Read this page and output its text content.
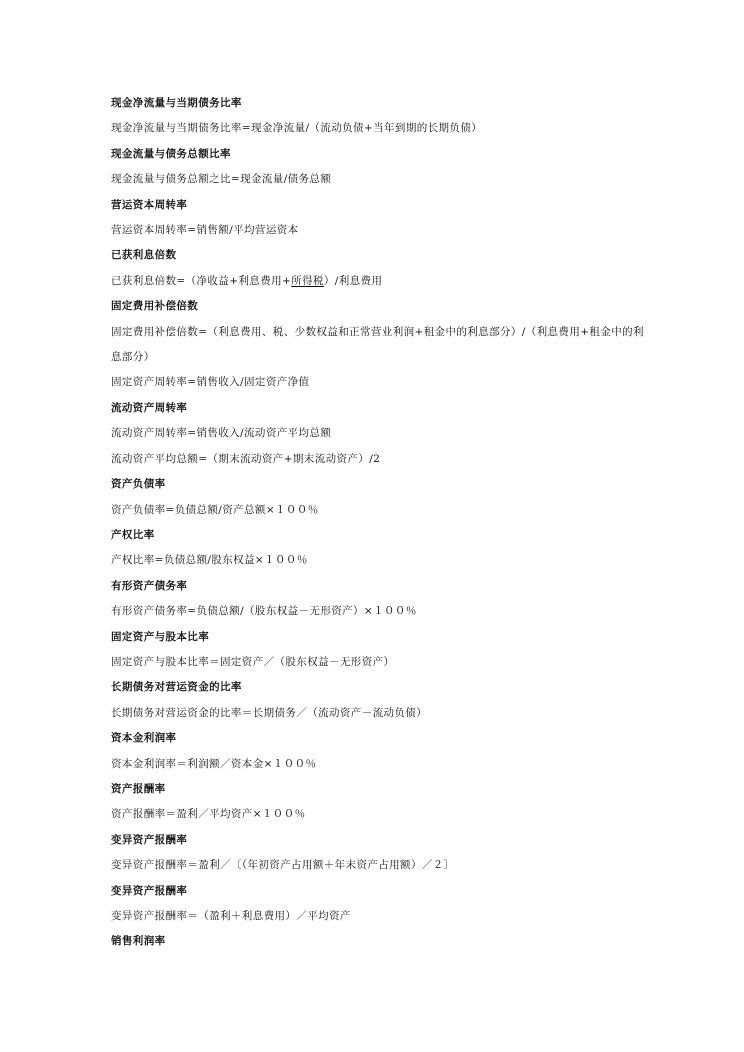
现金净流量与当期债务比率
现金净流量与当期债务比率=现金净流量/（流动负债+当年到期的长期负债）
现金流量与债务总额比率
现金流量与债务总额之比=现金流量/债务总额
营运资本周转率
营运资本周转率=销售额/平均营运资本
已获利息倍数
已获利息倍数=（净收益+利息费用+所得税）/利息费用
固定费用补偿倍数
固定费用补偿倍数=（利息费用、税、少数权益和正常营业利润+租金中的利息部分）/（利息费用+租金中的利息部分）
固定资产周转率=销售收入/固定资产净值
流动资产周转率
流动资产周转率=销售收入/流动资产平均总额
流动资产平均总额=（期末流动资产+期末流动资产）/2
资产负债率
资产负债率=负债总额/资产总额×１００％
产权比率
产权比率=负债总额/股东权益×１００％
有形资产债务率
有形资产债务率=负债总额/（股东权益－无形资产）×１００％
固定资产与股本比率
固定资产与股本比率＝固定资产／（股东权益－无形资产）
长期债务对营运资金的比率
长期债务对营运资金的比率＝长期债务／（流动资产－流动负债）
资本金利润率
资本金利润率＝利润额／资本金×１００％
资产报酬率
资产报酬率＝盈利／平均资产×１００％
变异资产报酬率
变异资产报酬率＝盈利／〔（年初资产占用额＋年末资产占用额）／２〕
变异资产报酬率
变异资产报酬率＝（盈利＋利息费用）／平均资产
销售利润率
